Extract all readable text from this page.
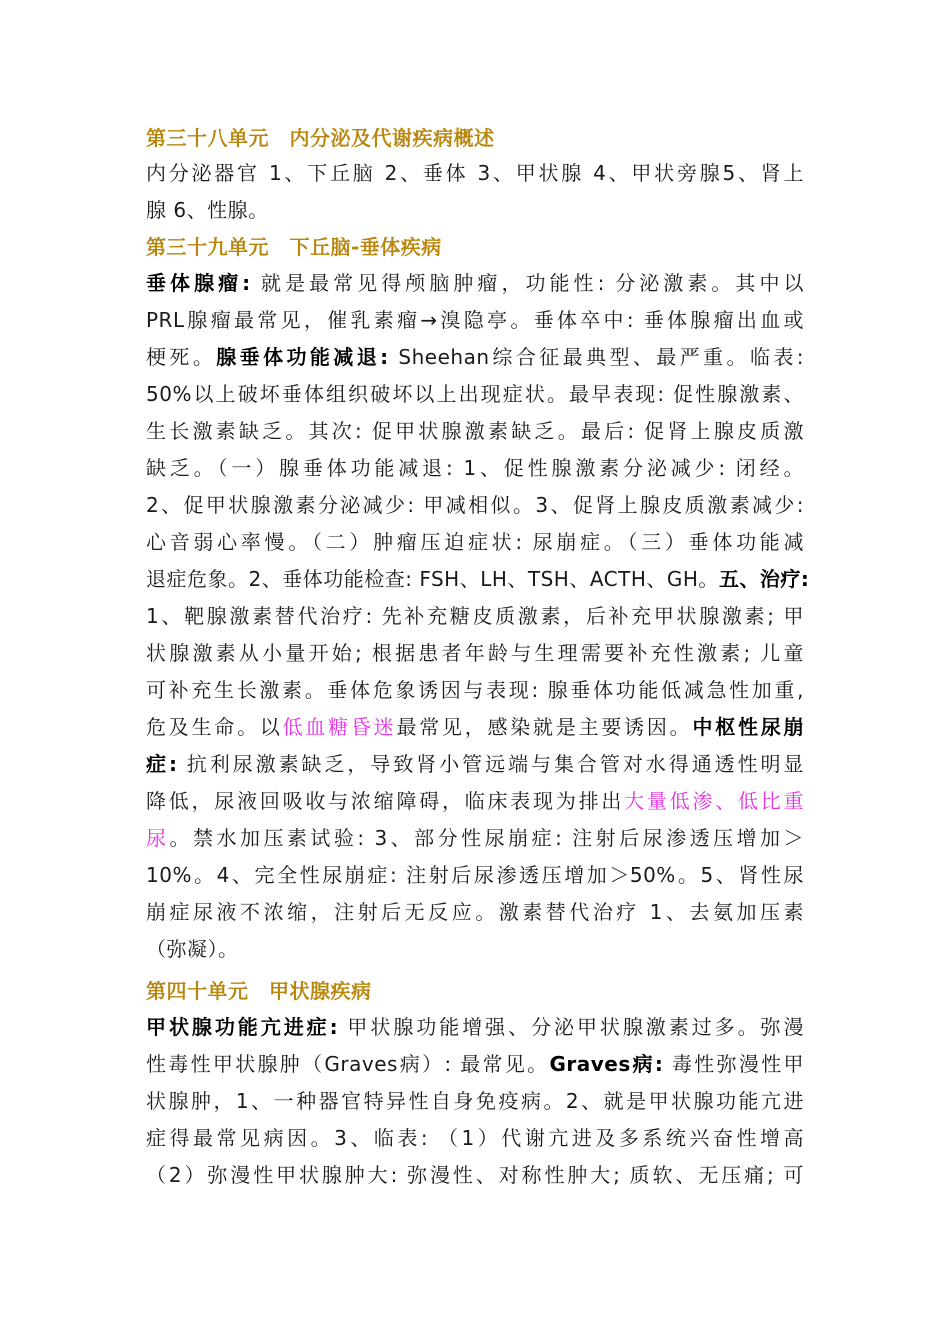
第三十八单元　内分泌及代谢疾病概述
内分泌器官 1、下丘脑 2、垂体 3、甲状腺 4、甲状旁腺5、肾上
腺 6、性腺。
第三十九单元　下丘脑-垂体疾病
垂体腺瘤: 就是最常见得颅脑肿瘤，功能性: 分泌激素。其中以
PRL腺瘤最常见，催乳素瘤→溴隐亭。垂体卒中: 垂体腺瘤出血或
梗死。腺垂体功能减退: Sheehan综合征最典型、最严重。临表:
50%以上破坏垂体组织破坏以上出现症状。最早表现: 促性腺激素、
生长激素缺乏。其次: 促甲状腺激素缺乏。最后: 促肾上腺皮质激
缺乏。（一）腺垂体功能减退: 1、促性腺激素分泌减少: 闭经。
2、促甲状腺激素分泌减少: 甲减相似。3、促肾上腺皮质激素减少:
心音弱心率慢。（二）肿瘤压迫症状: 尿崩症。（三）垂体功能减
退症危象。2、垂体功能检查: FSH、LH、TSH、ACTH、GH。五、治疗:
1、靶腺激素替代治疗: 先补充糖皮质激素，后补充甲状腺激素; 甲
状腺激素从小量开始; 根据患者年龄与生理需要补充性激素; 儿童
可补充生长激素。垂体危象诱因与表现: 腺垂体功能低减急性加重,
危及生命。以低血糖昏迷最常见，感染就是主要诱因。中枢性尿崩
症: 抗利尿激素缺乏，导致肾小管远端与集合管对水得通透性明显
降低，尿液回吸收与浓缩障碍，临床表现为排出大量低渗、低比重
尿。禁水加压素试验: 3、部分性尿崩症: 注射后尿渗透压增加＞
10%。4、完全性尿崩症: 注射后尿渗透压增加＞50%。5、肾性尿
崩症尿液不浓缩，注射后无反应。激素替代治疗 1、去氨加压素
（弥凝）。
第四十单元　甲状腺疾病
甲状腺功能亢进症: 甲状腺功能增强、分泌甲状腺激素过多。弥漫
性毒性甲状腺肿（Graves病）: 最常见。Graves病: 毒性弥漫性甲
状腺肿，1、一种器官特异性自身免疫病。2、就是甲状腺功能亢进
症得最常见病因。3、临表: （1）代谢亢进及多系统兴奋性增高
（2）弥漫性甲状腺肿大: 弥漫性、对称性肿大; 质软、无压痛; 可
